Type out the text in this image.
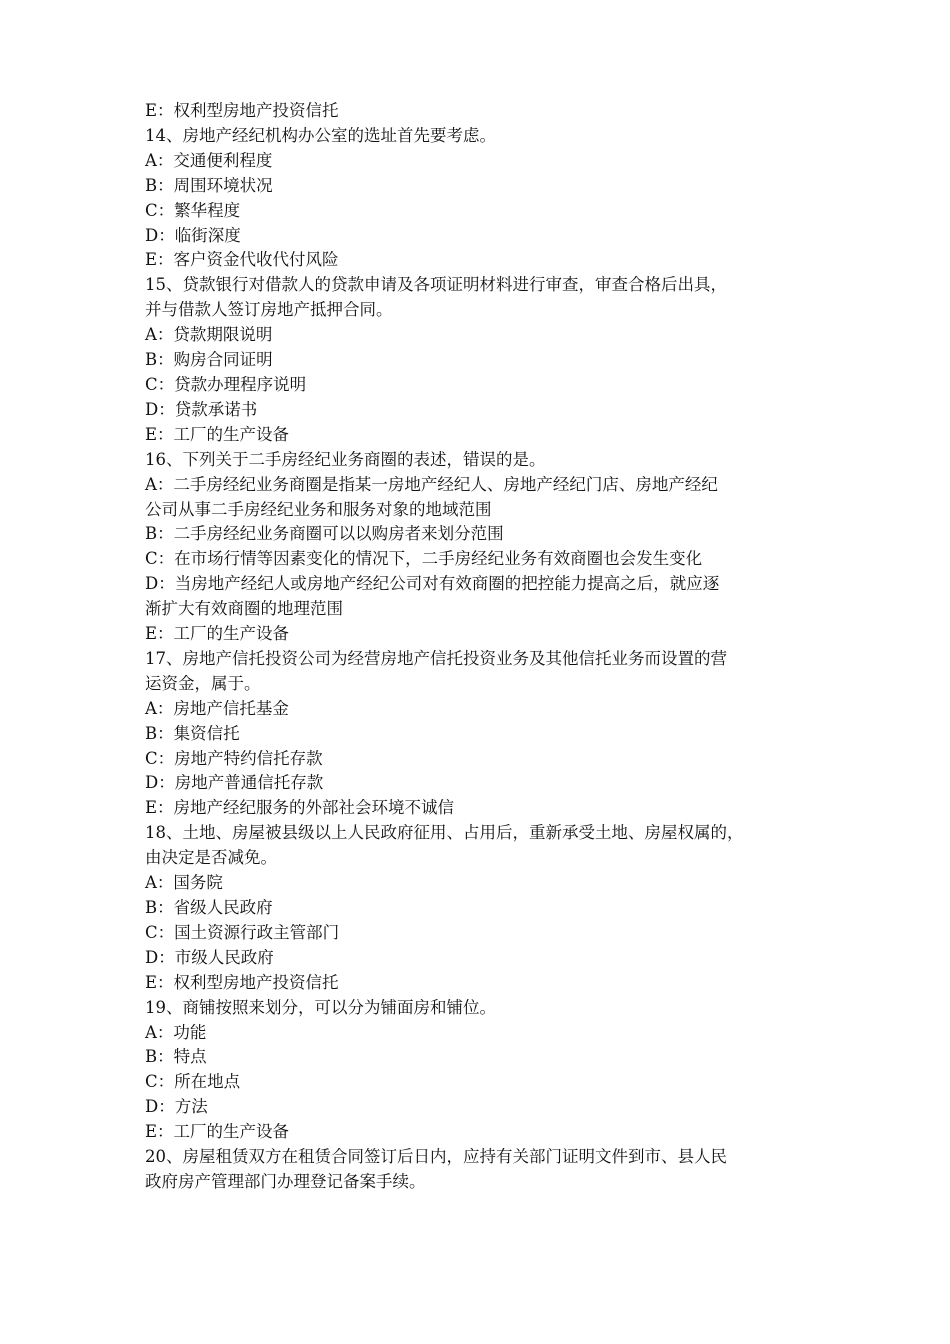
E：权利型房地产投资信托
14、房地产经纪机构办公室的选址首先要考虑。
A：交通便利程度
B：周围环境状况
C：繁华程度
D：临街深度
E：客户资金代收代付风险
15、贷款银行对借款人的贷款申请及各项证明材料进行审查，审查合格后出具，
并与借款人签订房地产抵押合同。
A：贷款期限说明
B：购房合同证明
C：贷款办理程序说明
D：贷款承诺书
E：工厂的生产设备
16、下列关于二手房经纪业务商圈的表述，错误的是。
A：二手房经纪业务商圈是指某一房地产经纪人、房地产经纪门店、房地产经纪
公司从事二手房经纪业务和服务对象的地域范围
B：二手房经纪业务商圈可以以购房者来划分范围
C：在市场行情等因素变化的情况下，二手房经纪业务有效商圈也会发生变化
D：当房地产经纪人或房地产经纪公司对有效商圈的把控能力提高之后，就应逐
渐扩大有效商圈的地理范围
E：工厂的生产设备
17、房地产信托投资公司为经营房地产信托投资业务及其他信托业务而设置的营
运资金，属于。
A：房地产信托基金
B：集资信托
C：房地产特约信托存款
D：房地产普通信托存款
E：房地产经纪服务的外部社会环境不诚信
18、土地、房屋被县级以上人民政府征用、占用后，重新承受土地、房屋权属的，
由决定是否减免。
A：国务院
B：省级人民政府
C：国土资源行政主管部门
D：市级人民政府
E：权利型房地产投资信托
19、商铺按照来划分，可以分为铺面房和铺位。
A：功能
B：特点
C：所在地点
D：方法
E：工厂的生产设备
20、房屋租赁双方在租赁合同签订后日内，应持有关部门证明文件到市、县人民
政府房产管理部门办理登记备案手续。
